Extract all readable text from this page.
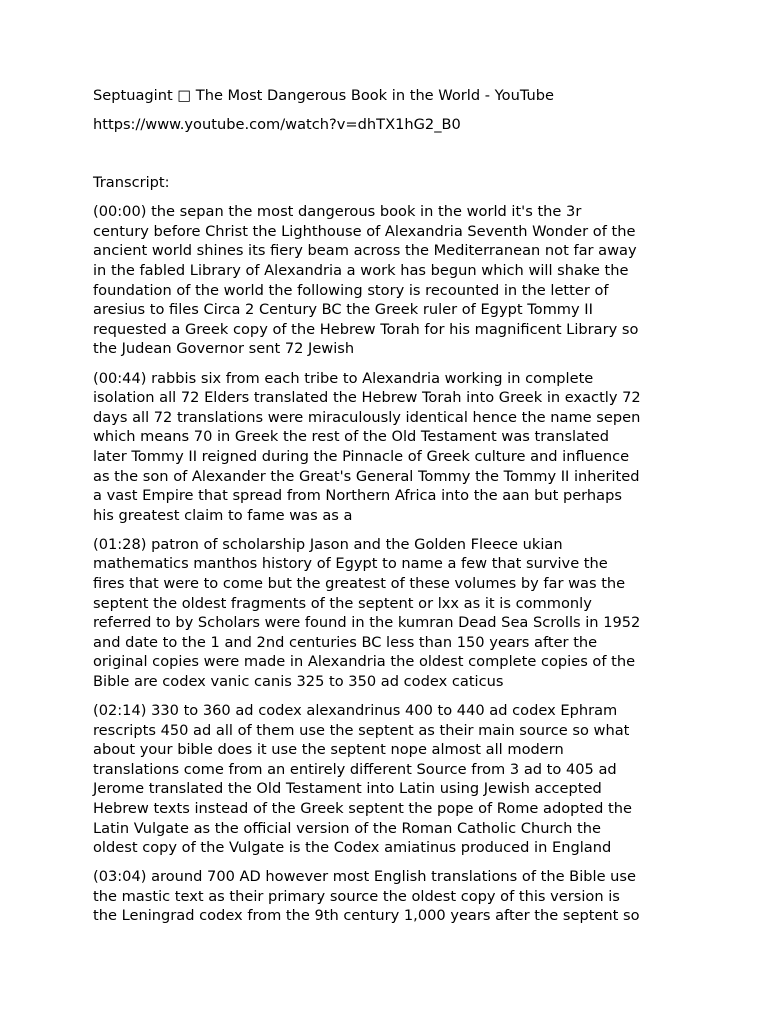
Septuagint □ The Most Dangerous Book in the World - YouTube

https://www.youtube.com/watch?v=dhTX1hG2_B0

Transcript:

(00:00) the sepan the most dangerous book in the world it's the 3r
century before Christ the Lighthouse of Alexandria Seventh Wonder of the
ancient world shines its fiery beam across the Mediterranean not far away
in the fabled Library of Alexandria a work has begun which will shake the
foundation of the world the following story is recounted in the letter of
aresius to files Circa 2 Century BC the Greek ruler of Egypt Tommy II
requested a Greek copy of the Hebrew Torah for his magnificent Library so
the Judean Governor sent 72 Jewish
(00:44) rabbis six from each tribe to Alexandria working in complete
isolation all 72 Elders translated the Hebrew Torah into Greek in exactly 72
days all 72 translations were miraculously identical hence the name sepen
which means 70 in Greek the rest of the Old Testament was translated
later Tommy II reigned during the Pinnacle of Greek culture and influence
as the son of Alexander the Great's General Tommy the Tommy II inherited
a vast Empire that spread from Northern Africa into the aan but perhaps
his greatest claim to fame was as a
(01:28) patron of scholarship Jason and the Golden Fleece ukian
mathematics manthos history of Egypt to name a few that survive the
fires that were to come but the greatest of these volumes by far was the
septent the oldest fragments of the septent or lxx as it is commonly
referred to by Scholars were found in the kumran Dead Sea Scrolls in 1952
and date to the 1 and 2nd centuries BC less than 150 years after the
original copies were made in Alexandria the oldest complete copies of the
Bible are codex vanic canis 325 to 350 ad codex caticus
(02:14) 330 to 360 ad codex alexandrinus 400 to 440 ad codex Ephram
rescripts 450 ad all of them use the septent as their main source so what
about your bible does it use the septent nope almost all modern
translations come from an entirely different Source from 3 ad to 405 ad
Jerome translated the Old Testament into Latin using Jewish accepted
Hebrew texts instead of the Greek septent the pope of Rome adopted the
Latin Vulgate as the official version of the Roman Catholic Church the
oldest copy of the Vulgate is the Codex amiatinus produced in England
(03:04) around 700 AD however most English translations of the Bible use
the mastic text as their primary source the oldest copy of this version is
the Leningrad codex from the 9th century 1,000 years after the septent so
